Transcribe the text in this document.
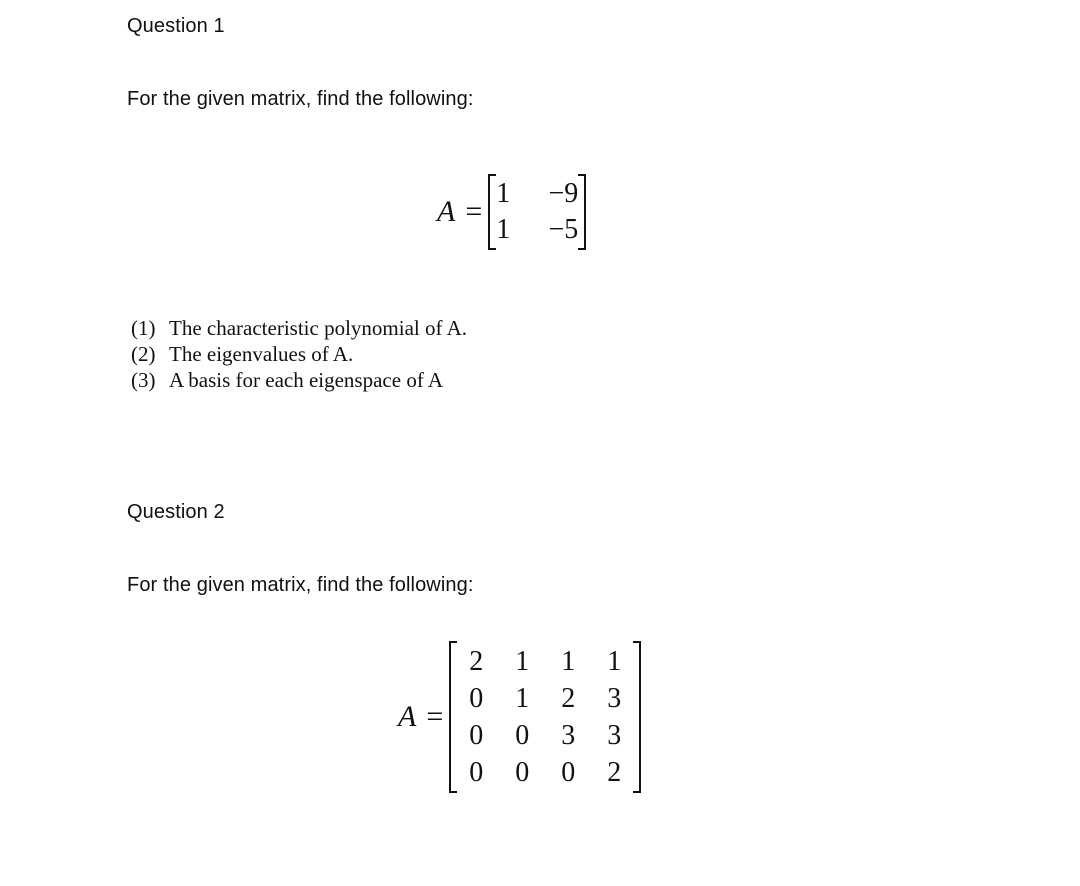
Question 1
For the given matrix, find the following:
A =
1	−9
1	−5
(1) The characteristic polynomial of A.
(2) The eigenvalues of A.
(3) A basis for each eigenspace of A
Question 2
For the given matrix, find the following:
A =
2	1	1	1
0	1	2	3
0	0	3	3
0	0	0	2
